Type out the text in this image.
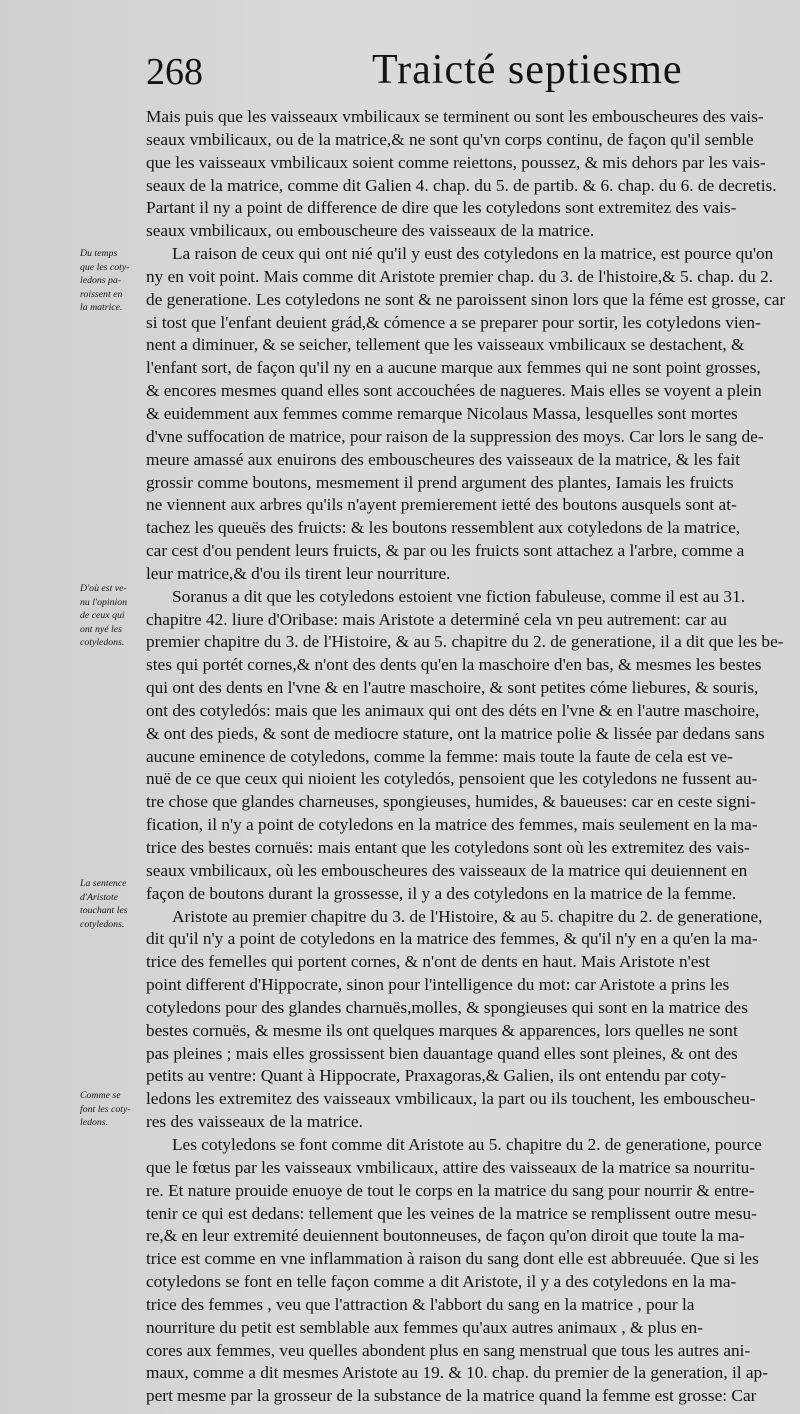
268	Traicté septiesme
Du temps
que les coty-
ledons pa-
roissent en
la matrice.
D'où est ve-
nu l'opinion
de ceux qui
ont nyé les
cotyledons.
La sentence
d'Aristote
touchant les
cotyledons.
Comme se
font les coty-
ledons.
Mais puis que les vaisseaux vmbilicaux se terminent ou sont les embouscheures des vais-
seaux vmbilicaux, ou de la matrice,& ne sont qu'vn corps continu, de façon qu'il semble
que les vaisseaux vmbilicaux soient comme reiettons, poussez, & mis dehors par les vais-
seaux de la matrice, comme dit Galien 4. chap. du 5. de partib. & 6. chap. du 6. de decretis.
Partant il ny a point de difference de dire que les cotyledons sont extremitez des vais-
seaux vmbilicaux, ou embouscheure des vaisseaux de la matrice.
La raison de ceux qui ont nié qu'il y eust des cotyledons en la matrice, est pource qu'on
ny en voit point. Mais comme dit Aristote premier chap. du 3. de l'histoire,& 5. chap. du 2.
de generatione. Les cotyledons ne sont & ne paroissent sinon lors que la féme est grosse, car
si tost que l'enfant deuient grád,& cómence a se preparer pour sortir, les cotyledons vien-
nent a diminuer, & se seicher, tellement que les vaisseaux vmbilicaux se destachent, &
l'enfant sort, de façon qu'il ny en a aucune marque aux femmes qui ne sont point grosses,
& encores mesmes quand elles sont accouchées de nagueres. Mais elles se voyent a plein
& euidemment aux femmes comme remarque Nicolaus Massa, lesquelles sont mortes
d'vne suffocation de matrice, pour raison de la suppression des moys. Car lors le sang de-
meure amassé aux enuirons des embouscheures des vaisseaux de la matrice, & les fait
grossir comme boutons, mesmement il prend argument des plantes, Iamais les fruicts
ne viennent aux arbres qu'ils n'ayent premierement ietté des boutons ausquels sont at-
tachez les queuës des fruicts: & les boutons ressemblent aux cotyledons de la matrice,
car cest d'ou pendent leurs fruicts, & par ou les fruicts sont attachez a l'arbre, comme a
leur matrice,& d'ou ils tirent leur nourriture.
Soranus a dit que les cotyledons estoient vne fiction fabuleuse, comme il est au 31.
chapitre 42. liure d'Oribase: mais Aristote a determiné cela vn peu autrement: car au
premier chapitre du 3. de l'Histoire, & au 5. chapitre du 2. de generatione, il a dit que les be-
stes qui portét cornes,& n'ont des dents qu'en la maschoire d'en bas, & mesmes les bestes
qui ont des dents en l'vne & en l'autre maschoire, & sont petites cóme liebures, & souris,
ont des cotyledós: mais que les animaux qui ont des déts en l'vne & en l'autre maschoire,
& ont des pieds, & sont de mediocre stature, ont la matrice polie & lissée par dedans sans
aucune eminence de cotyledons, comme la femme: mais toute la faute de cela est ve-
nuë de ce que ceux qui nioient les cotyledós, pensoient que les cotyledons ne fussent au-
tre chose que glandes charneuses, spongieuses, humides, & baueuses: car en ceste signi-
fication, il n'y a point de cotyledons en la matrice des femmes, mais seulement en la ma-
trice des bestes cornuës: mais entant que les cotyledons sont où les extremitez des vais-
seaux vmbilicaux, où les embouscheures des vaisseaux de la matrice qui deuiennent en
façon de boutons durant la grossesse, il y a des cotyledons en la matrice de la femme.
Aristote au premier chapitre du 3. de l'Histoire, & au 5. chapitre du 2. de generatione,
dit qu'il n'y a point de cotyledons en la matrice des femmes, & qu'il n'y en a qu'en la ma-
trice des femelles qui portent cornes, & n'ont de dents en haut. Mais Aristote n'est
point different d'Hippocrate, sinon pour l'intelligence du mot: car Aristote a prins les
cotyledons pour des glandes charnuës,molles, & spongieuses qui sont en la matrice des
bestes cornuës, & mesme ils ont quelques marques & apparences, lors quelles ne sont
pas pleines ; mais elles grossissent bien dauantage quand elles sont pleines, & ont des
petits au ventre: Quant à Hippocrate, Praxagoras,& Galien, ils ont entendu par coty-
ledons les extremitez des vaisseaux vmbilicaux, la part ou ils touchent, les embouscheu-
res des vaisseaux de la matrice.
Les cotyledons se font comme dit Aristote au 5. chapitre du 2. de generatione, pource
que le fœtus par les vaisseaux vmbilicaux, attire des vaisseaux de la matrice sa nourritu-
re. Et nature prouide enuoye de tout le corps en la matrice du sang pour nourrir & entre-
tenir ce qui est dedans: tellement que les veines de la matrice se remplissent outre mesu-
re,& en leur extremité deuiennent boutonneuses, de façon qu'on diroit que toute la ma-
trice est comme en vne inflammation à raison du sang dont elle est abbreuuée. Que si les
cotyledons se font en telle façon comme a dit Aristote, il y a des cotyledons en la ma-
trice des femmes , veu que l'attraction & l'abbort du sang en la matrice , pour la
nourriture du petit est semblable aux femmes qu'aux autres animaux , & plus en-
cores aux femmes, veu quelles abondent plus en sang menstrual que tous les autres ani-
maux, comme a dit mesmes Aristote au 19. & 10. chap. du premier de la generation, il ap-
pert mesme par la grosseur de la substance de la matrice quand la femme est grosse: Car
